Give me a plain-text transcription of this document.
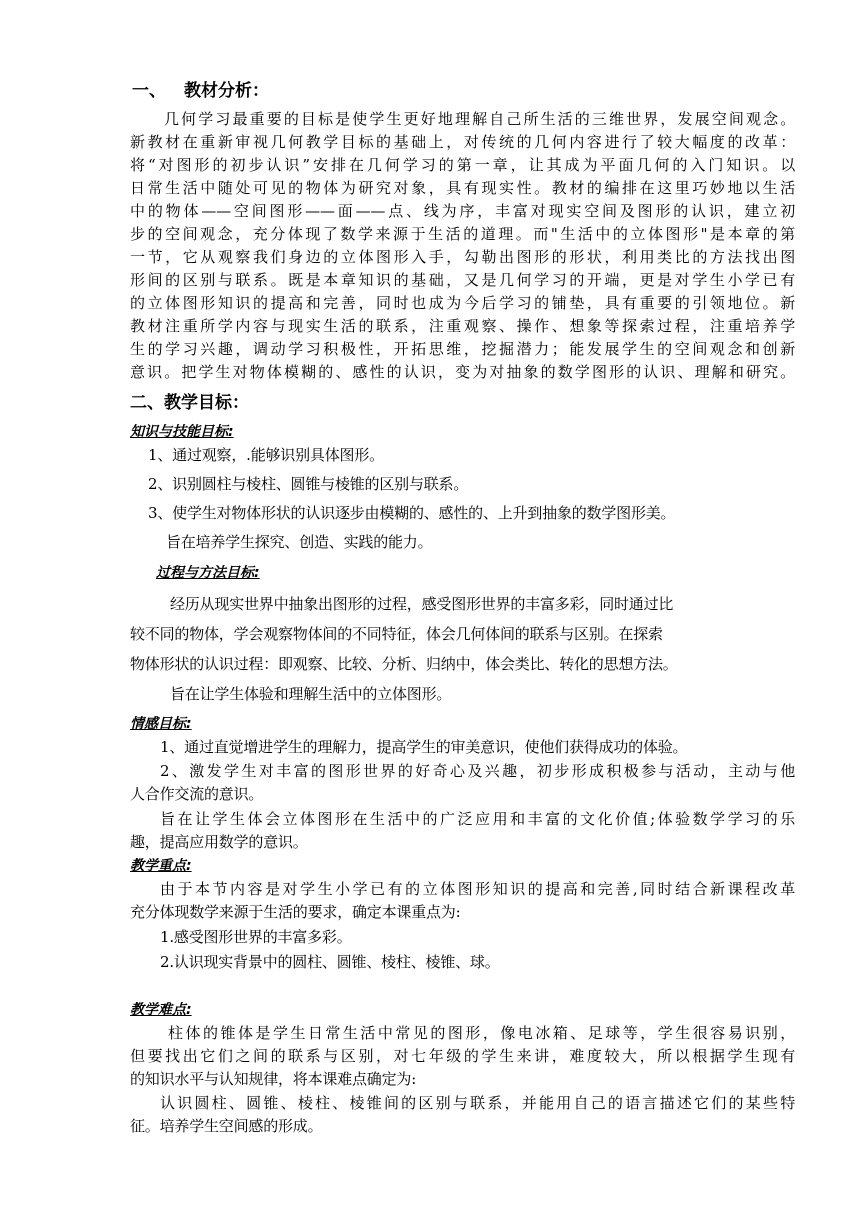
一、 教材分析：

几何学习最重要的目标是使学生更好地理解自己所生活的三维世界，发展空间观念。

新教材在重新审视几何教学目标的基础上，对传统的几何内容进行了较大幅度的改革：

将“对图形的初步认识”安排在几何学习的第一章，让其成为平面几何的入门知识。以

日常生活中随处可见的物体为研究对象，具有现实性。教材的编排在这里巧妙地以生活

中的物体——空间图形——面——点、线为序，丰富对现实空间及图形的认识，建立初

步的空间观念，充分体现了数学来源于生活的道理。而"生活中的立体图形"是本章的第

一节，它从观察我们身边的立体图形入手，勾勒出图形的形状，利用类比的方法找出图

形间的区别与联系。既是本章知识的基础，又是几何学习的开端，更是对学生小学已有

的立体图形知识的提高和完善，同时也成为今后学习的铺垫，具有重要的引领地位。新

教材注重所学内容与现实生活的联系，注重观察、操作、想象等探索过程，注重培养学

生的学习兴趣，调动学习积极性，开拓思维，挖掘潜力；能发展学生的空间观念和创新

意识。把学生对物体模糊的、感性的认识，变为对抽象的数学图形的认识、理解和研究。

二、教学目标：
知识与技能目标:
1、通过观察，.能够识别具体图形。
2、识别圆柱与棱柱、圆锥与棱锥的区别与联系。
3、使学生对物体形状的认识逐步由模糊的、感性的、上升到抽象的数学图形美。
旨在培养学生探究、创造、实践的能力。
过程与方法目标:
经历从现实世界中抽象出图形的过程，感受图形世界的丰富多彩，同时通过比
较不同的物体，学会观察物体间的不同特征，体会几何体间的联系与区别。在探索
物体形状的认识过程：即观察、比较、分析、归纳中，体会类比、转化的思想方法。
旨在让学生体验和理解生活中的立体图形。
情感目标:
1、通过直觉增进学生的理解力，提高学生的审美意识，使他们获得成功的体验。

2、激发学生对丰富的图形世界的好奇心及兴趣，初步形成积极参与活动，主动与他

人合作交流的意识。

旨在让学生体会立体图形在生活中的广泛应用和丰富的文化价值;体验数学学习的乐

趣，提高应用数学的意识。

教学重点:

由于本节内容是对学生小学已有的立体图形知识的提高和完善,同时结合新课程改革

充分体现数学来源于生活的要求，确定本课重点为:

1.感受图形世界的丰富多彩。
2.认识现实背景中的圆柱、圆锥、棱柱、棱锥、球。
教学难点:

柱体的锥体是学生日常生活中常见的图形，像电冰箱、足球等，学生很容易识别，

但要找出它们之间的联系与区别，对七年级的学生来讲，难度较大，所以根据学生现有

的知识水平与认知规律，将本课难点确定为:

认识圆柱、圆锥、棱柱、棱锥间的区别与联系，并能用自己的语言描述它们的某些特

征。培养学生空间感的形成。
